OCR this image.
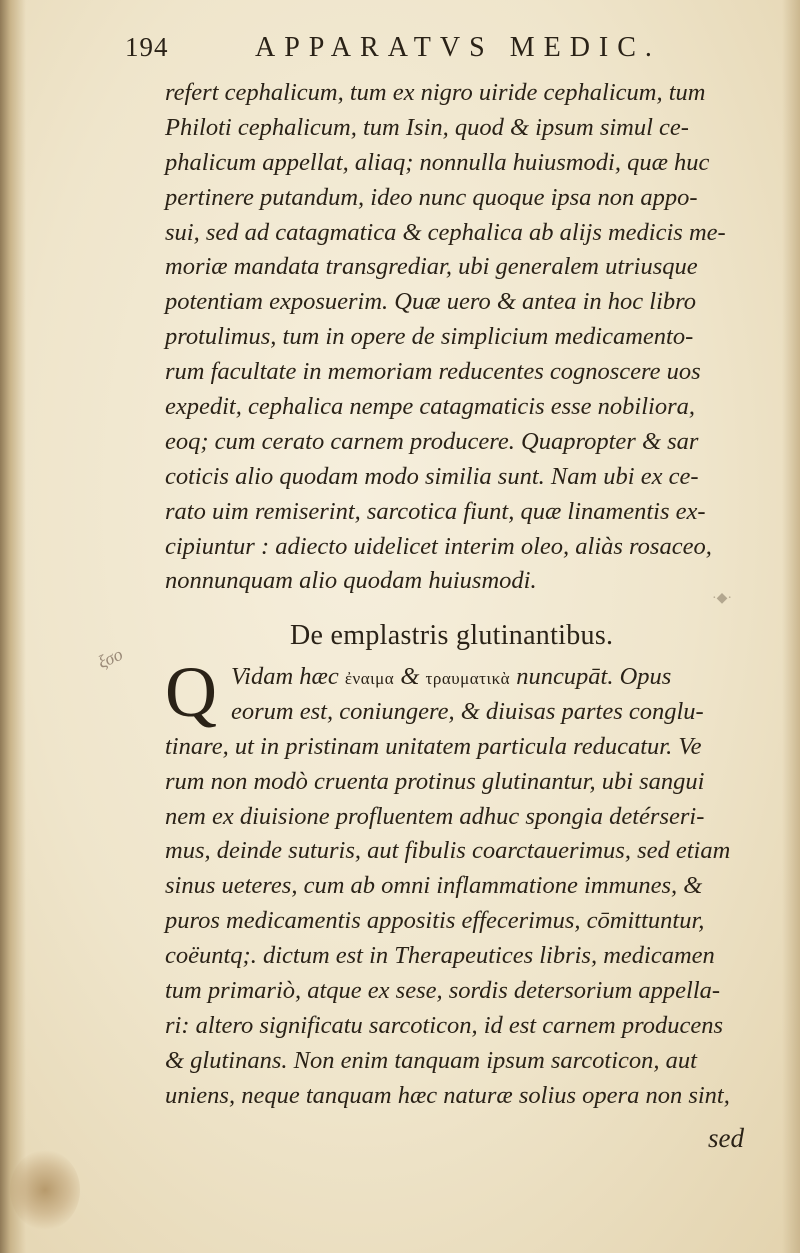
194	APPARATVS MEDIC.
refert cephalicum, tum ex nigro uiride cephalicum, tum
Philoti cephalicum, tum Isin, quod & ipsum simul ce-
phalicum appellat, aliaq; nonnulla huiusmodi, quæ huc
pertinere putandum, ideo nunc quoque ipsa non appo-
sui, sed ad catagmatica & cephalica ab alijs medicis me-
moriæ mandata transgrediar, ubi generalem utriusque
potentiam exposuerim. Quæ uero & antea in hoc libro
protulimus, tum in opere de simplicium medicamento-
rum facultate in memoriam reducentes cognoscere uos
expedit, cephalica nempe catagmaticis esse nobiliora,
eoq; cum cerato carnem producere. Quapropter & sar
coticis alio quodam modo similia sunt. Nam ubi ex ce-
rato uim remiserint, sarcotica fiunt, quæ linamentis ex-
cipiuntur : adiecto uidelicet interim oleo, aliàs rosaceo,
nonnunquam alio quodam huiusmodi.
·◆·
De emplastris glutinantibus.
ξσο Q Vidam hæc ἐναιμα & τραυματικὰ nuncupāt. Opus
eorum est, coniungere, & diuisas partes conglu-
tinare, ut in pristinam unitatem particula reducatur. Ve
rum non modò cruenta protinus glutinantur, ubi sangui
nem ex diuisione profluentem adhuc spongia detérseri-
mus, deinde suturis, aut fibulis coarctauerimus, sed etiam
sinus ueteres, cum ab omni inflammatione immunes, &
puros medicamentis appositis effecerimus, cōmittuntur,
coëuntq;. dictum est in Therapeutices libris, medicamen
tum primariò, atque ex sese, sordis detersorium appella-
ri: altero significatu sarcoticon, id est carnem producens
& glutinans. Non enim tanquam ipsum sarcoticon, aut
uniens, neque tanquam hæc naturæ solius opera non sint,
sed
